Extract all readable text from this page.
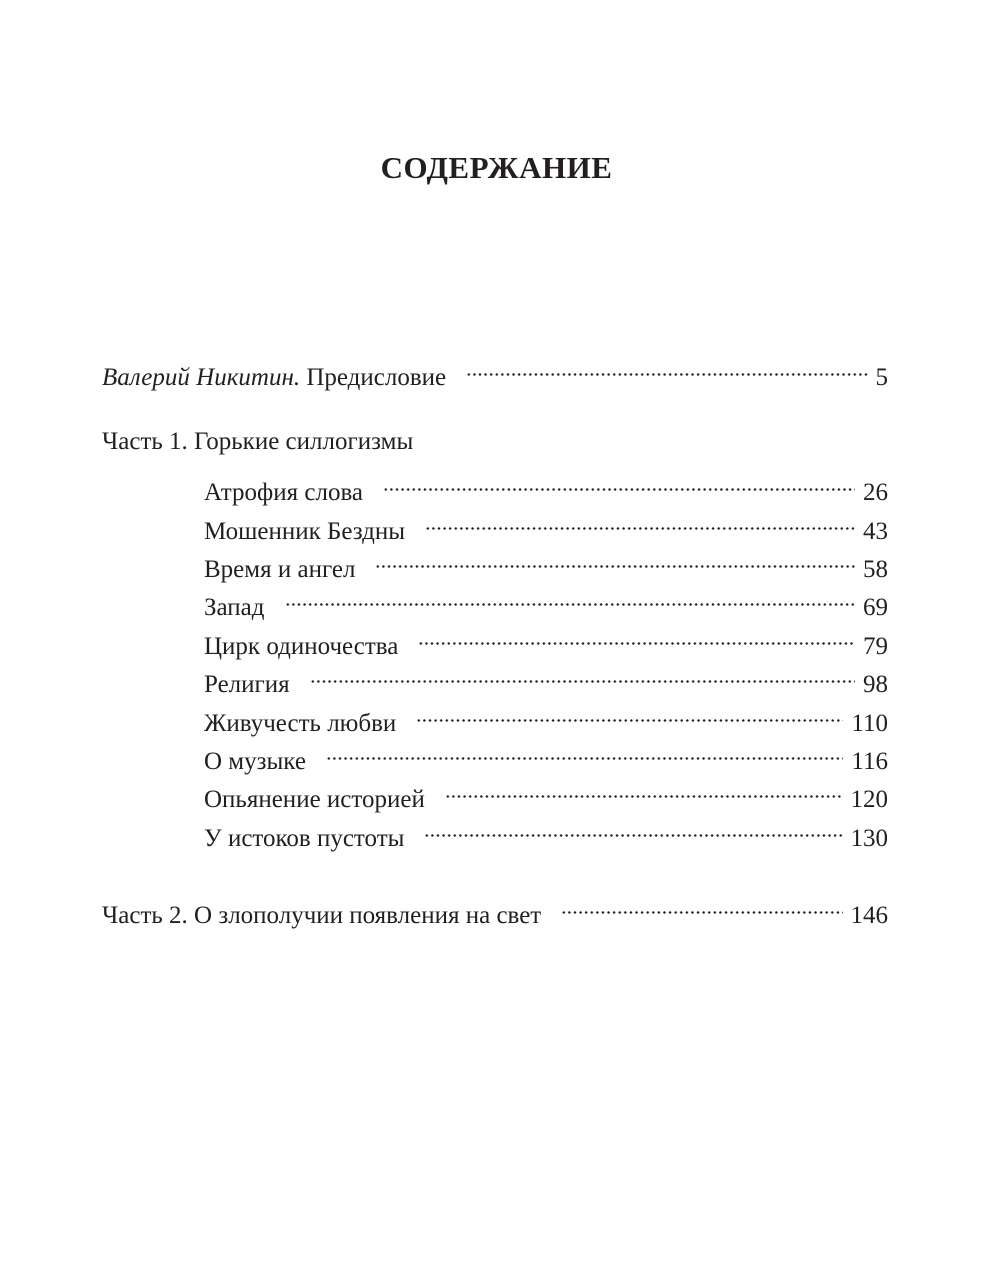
СОДЕРЖАНИЕ
Валерий Никитин. Предисловие	5
Часть 1. Горькие силлогизмы
Атрофия слова	26
Мошенник Бездны	43
Время и ангел	58
Запад	69
Цирк одиночества	79
Религия	98
Живучесть любви	110
О музыке	116
Опьянение историей	120
У истоков пустоты	130
Часть 2. О злополучии появления на свет	146
